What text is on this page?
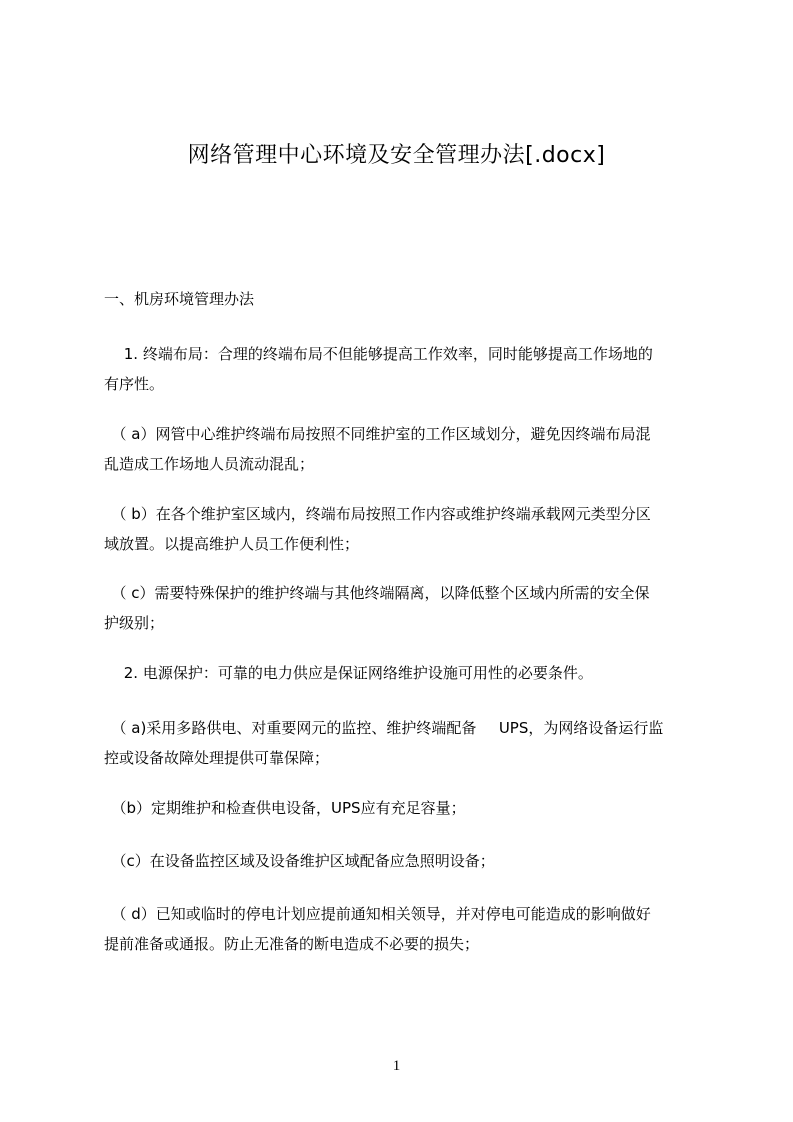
网络管理中心环境及安全管理办法[.docx]
一、机房环境管理办法
　 1. 终端布局：合理的终端布局不但能够提高工作效率，同时能够提高工作场地的
有序性。
　（ a）网管中心维护终端布局按照不同维护室的工作区域划分，避免因终端布局混
乱造成工作场地人员流动混乱；
　（ b）在各个维护室区域内，终端布局按照工作内容或维护终端承载网元类型分区
域放置。以提高维护人员工作便利性；
　（ c）需要特殊保护的维护终端与其他终端隔离，以降低整个区域内所需的安全保
护级别；
　 2. 电源保护：可靠的电力供应是保证网络维护设施可用性的必要条件。
　（ a)采用多路供电、对重要网元的监控、维护终端配备　 UPS，为网络设备运行监
控或设备故障处理提供可靠保障；
　（b）定期维护和检查供电设备，UPS应有充足容量；
　（c）在设备监控区域及设备维护区域配备应急照明设备；
　（ d）已知或临时的停电计划应提前通知相关领导，并对停电可能造成的影响做好
提前准备或通报。防止无准备的断电造成不必要的损失；
1
